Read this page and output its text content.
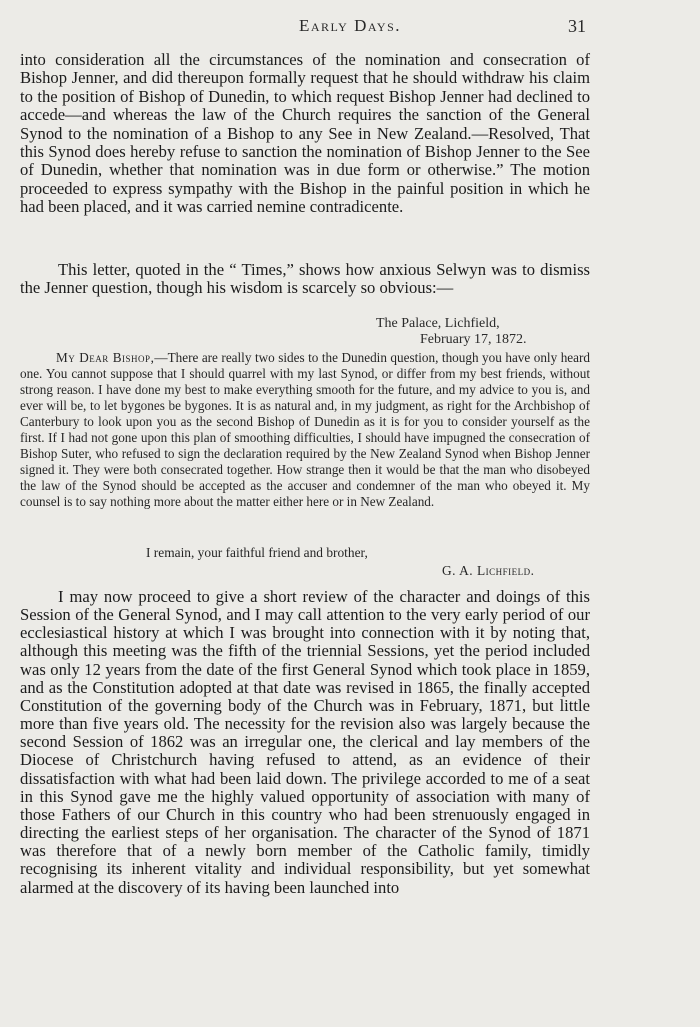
Early Days.	31

into consideration all the circumstances of the nomination and consecration of Bishop Jenner, and did thereupon formally request that he should withdraw his claim to the position of Bishop of Dunedin, to which request Bishop Jenner had declined to accede—and whereas the law of the Church requires the sanction of the General Synod to the nomination of a Bishop to any See in New Zealand.—Resolved, That this Synod does hereby refuse to sanction the nomination of Bishop Jenner to the See of Dunedin, whether that nomination was in due form or otherwise.” The motion proceeded to express sympathy with the Bishop in the painful position in which he had been placed, and it was carried nemine contradicente.

This letter, quoted in the “ Times,” shows how anxious Selwyn was to dismiss the Jenner question, though his wisdom is scarcely so obvious:—

The Palace, Lichfield,
February 17, 1872.

My Dear Bishop,—There are really two sides to the Dunedin question, though you have only heard one. You cannot suppose that I should quarrel with my last Synod, or differ from my best friends, without strong reason. I have done my best to make everything smooth for the future, and my advice to you is, and ever will be, to let bygones be bygones. It is as natural and, in my judgment, as right for the Archbishop of Canterbury to look upon you as the second Bishop of Dunedin as it is for you to consider yourself as the first. If I had not gone upon this plan of smoothing difficulties, I should have impugned the consecration of Bishop Suter, who refused to sign the declaration required by the New Zealand Synod when Bishop Jenner signed it. They were both consecrated together. How strange then it would be that the man who disobeyed the law of the Synod should be accepted as the accuser and condemner of the man who obeyed it. My counsel is to say nothing more about the matter either here or in New Zealand.

I remain, your faithful friend and brother,
G. A. Lichfield.

I may now proceed to give a short review of the character and doings of this Session of the General Synod, and I may call attention to the very early period of our ecclesiastical history at which I was brought into connection with it by noting that, although this meeting was the fifth of the triennial Sessions, yet the period included was only 12 years from the date of the first General Synod which took place in 1859, and as the Constitution adopted at that date was revised in 1865, the finally accepted Constitution of the governing body of the Church was in February, 1871, but little more than five years old. The necessity for the revision also was largely because the second Session of 1862 was an irregular one, the clerical and lay members of the Diocese of Christchurch having refused to attend, as an evidence of their dissatisfaction with what had been laid down. The privilege accorded to me of a seat in this Synod gave me the highly valued opportunity of association with many of those Fathers of our Church in this country who had been strenuously engaged in directing the earliest steps of her organisation. The character of the Synod of 1871 was therefore that of a newly born member of the Catholic family, timidly recognising its inherent vitality and individual responsibility, but yet somewhat alarmed at the discovery of its having been launched into
